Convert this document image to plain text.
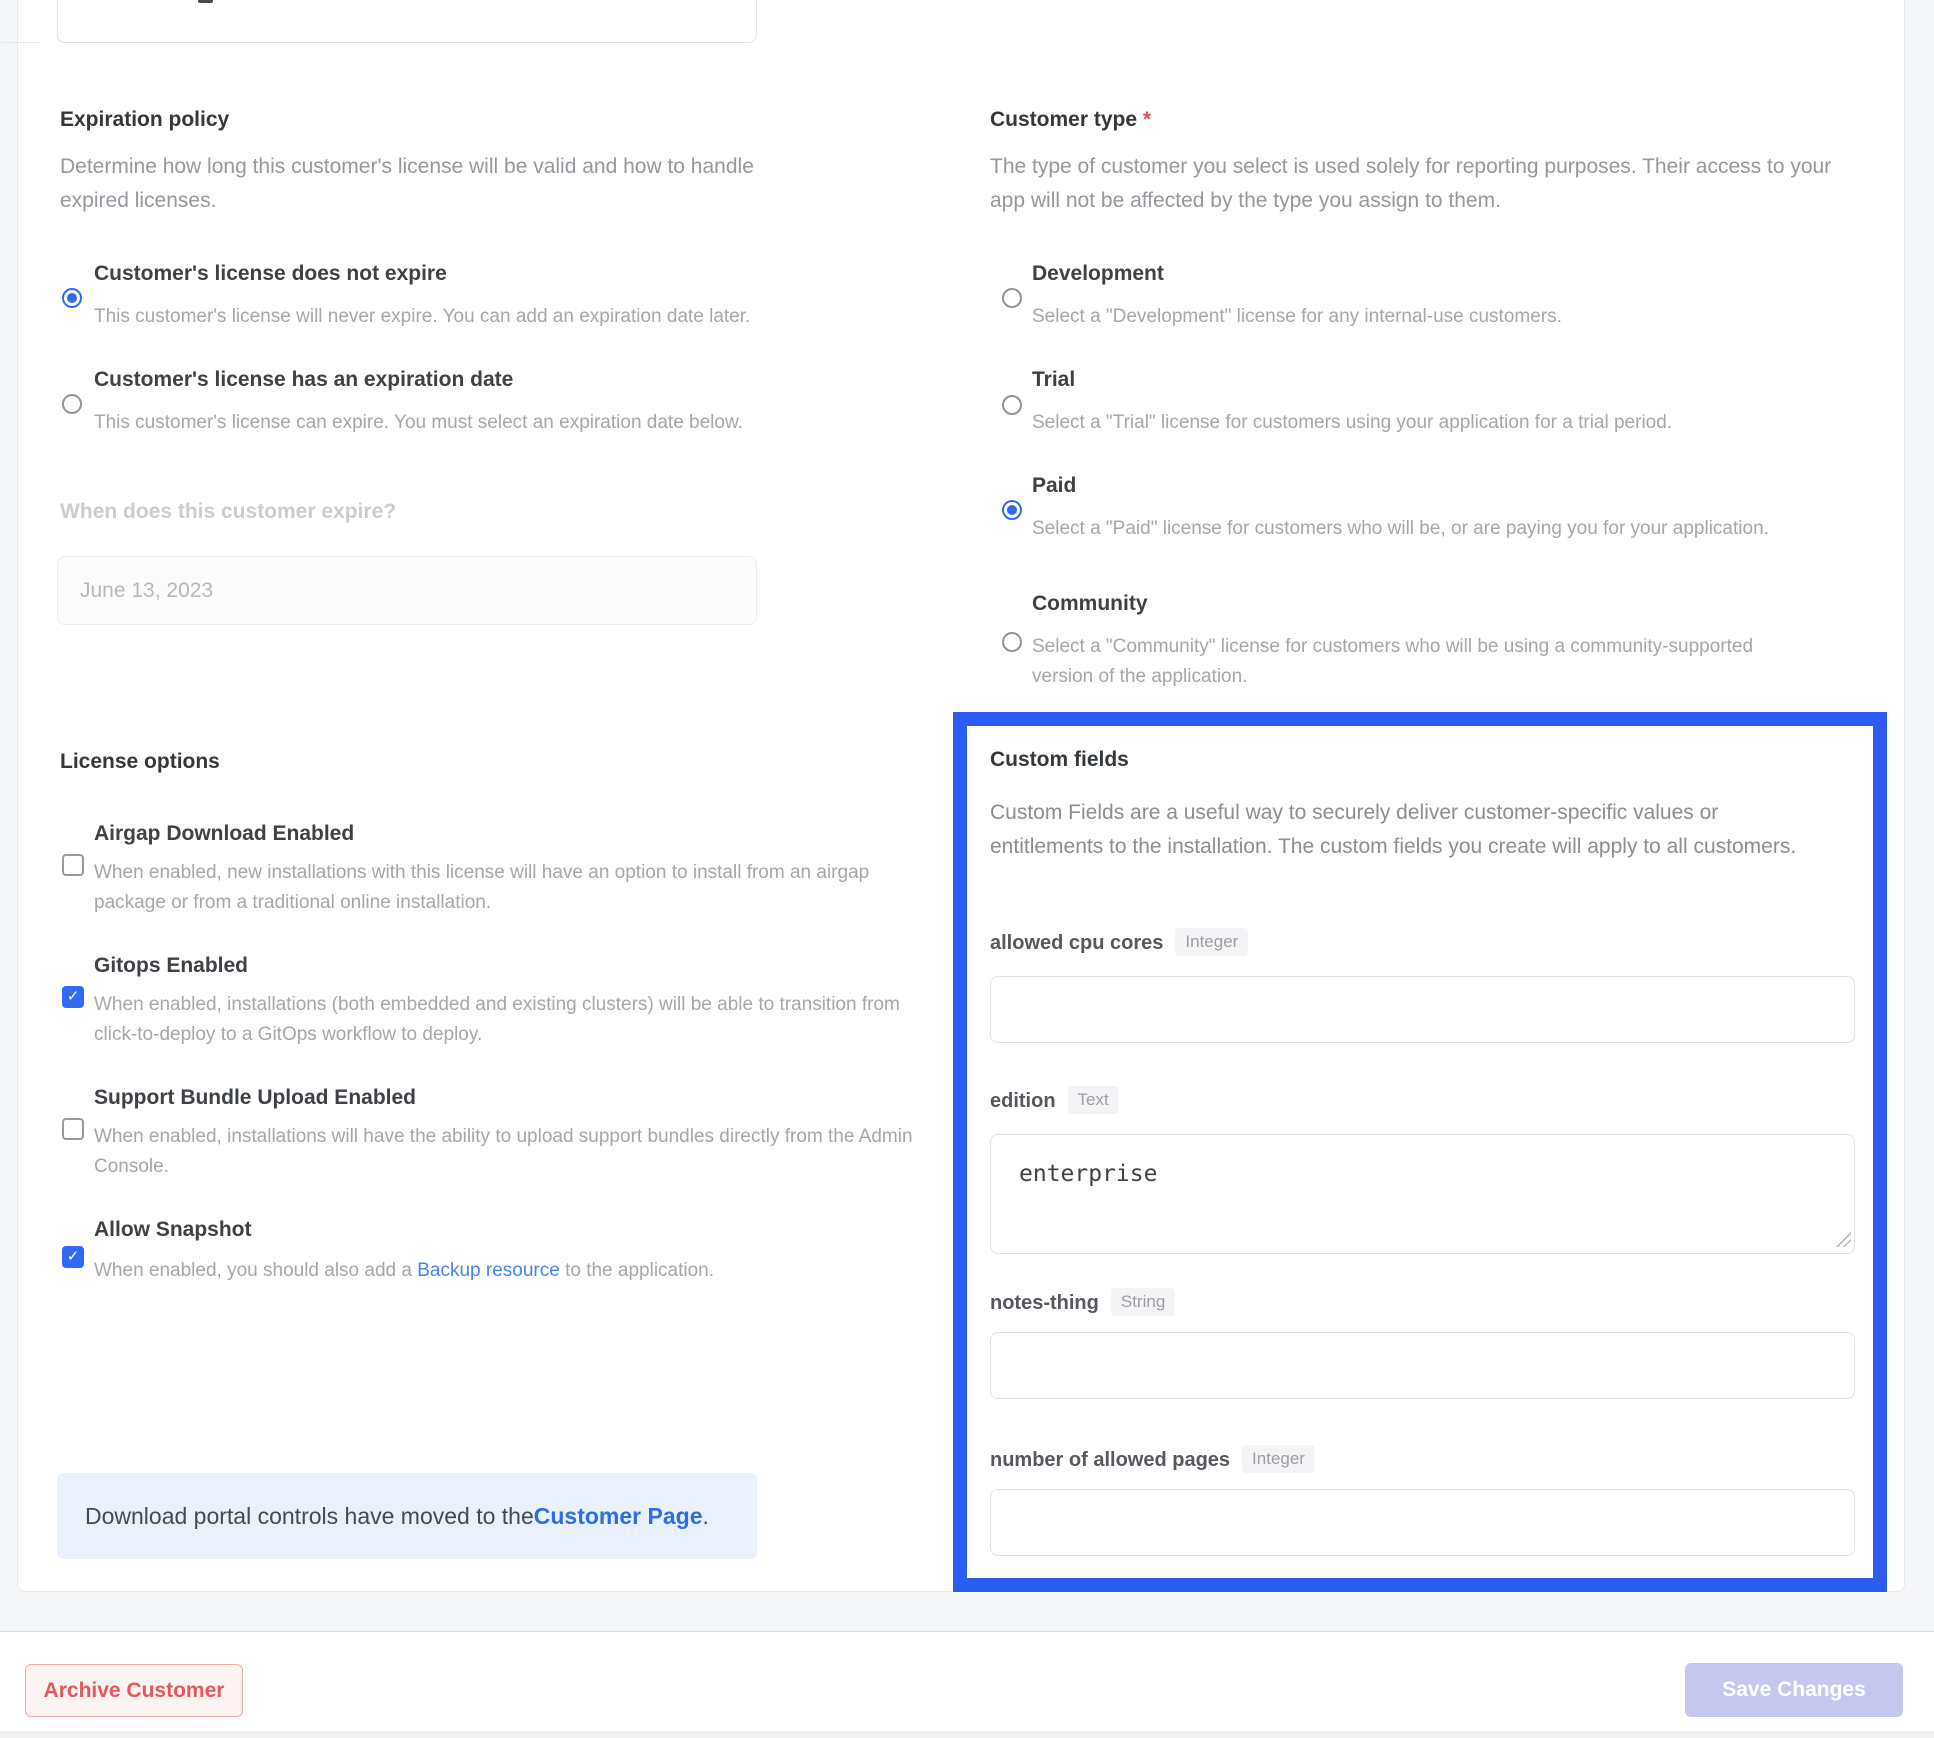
Expiration policy
Determine how long this customer's license will be valid and how to handle expired licenses.
Customer's license does not expire
This customer's license will never expire. You can add an expiration date later.
Customer's license has an expiration date
This customer's license can expire. You must select an expiration date below.
When does this customer expire?
June 13, 2023
License options
Airgap Download Enabled
When enabled, new installations with this license will have an option to install from an airgap package or from a traditional online installation.
Gitops Enabled
✓
When enabled, installations (both embedded and existing clusters) will be able to transition from click-to-deploy to a GitOps workflow to deploy.
Support Bundle Upload Enabled
When enabled, installations will have the ability to upload support bundles directly from the Admin Console.
Allow Snapshot
✓
When enabled, you should also add a Backup resource to the application.
Download portal controls have moved to the Customer Page .
Customer type *
The type of customer you select is used solely for reporting purposes. Their access to your app will not be affected by the type you assign to them.
Development
Select a "Development" license for any internal-use customers.
Trial
Select a "Trial" license for customers using your application for a trial period.
Paid
Select a "Paid" license for customers who will be, or are paying you for your application.
Community
Select a "Community" license for customers who will be using a community-supported version of the application.
Custom fields
Custom Fields are a useful way to securely deliver customer-specific values or entitlements to the installation. The custom fields you create will apply to all customers.
allowed cpu cores Integer
edition Text
enterprise
notes-thing String
number of allowed pages Integer
Archive Customer	Save Changes
